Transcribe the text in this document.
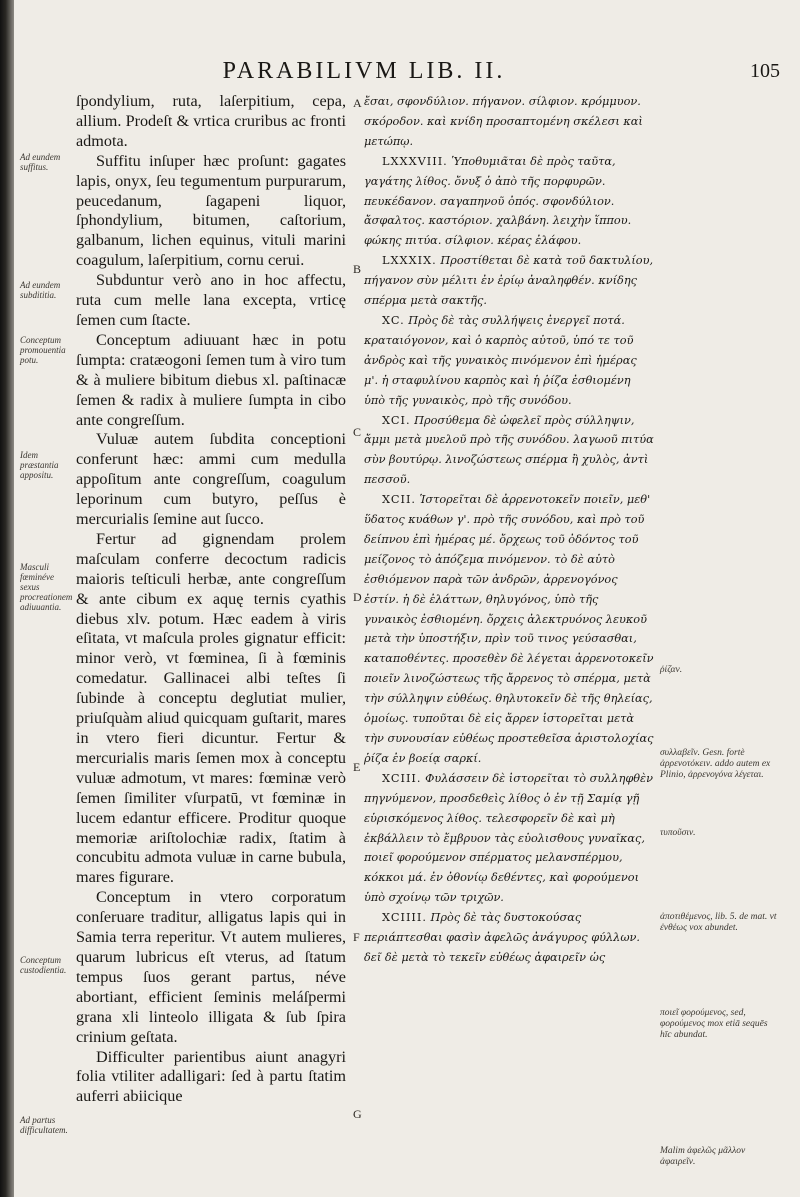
PARABILIVM LIB. II.	105
Ad eundem suffitus.
Ad eundem subdititia.
Conceptum promouentia potu.
Idem præstantia appositu.
Masculi fœminéve sexus procreationem adiuuantia.
Conceptum custodientia.
Ad partus difficultatem.

ſpondylium, ruta, laſerpitium, cepa, allium. Prodeſt & vrtica cruribus ac fronti admota.

Suffitu inſuper hæc proſunt: gagates lapis, onyx, ſeu tegumentum purpurarum, peucedanum, ſagapeni liquor, ſphondylium, bitumen, caſtorium, galbanum, lichen equinus, vituli marini coagulum, laſerpitium, cornu cerui.

Subduntur verò ano in hoc affectu, ruta cum melle lana excepta, vrticę ſemen cum ſtacte.

Conceptum adiuuant hæc in potu ſumpta: cratæogoni ſemen tum à viro tum & à muliere bibitum diebus xl. paſtinacæ ſemen & radix à muliere ſumpta in cibo ante congreſſum.

Vuluæ autem ſubdita conceptioni conferunt hæc: ammi cum medulla appoſitum ante congreſſum, coagulum leporinum cum butyro, peſſus è mercurialis ſemine aut ſucco.

Fertur ad gignendam prolem maſculam conferre decoctum radicis maioris teſticuli herbæ, ante congreſſum & ante cibum ex aquę ternis cyathis diebus xlv. potum. Hæc eadem à viris eſitata, vt maſcula proles gignatur efficit: minor verò, vt fœminea, ſi à fœminis comedatur. Gallinacei albi teſtes ſi ſubinde à conceptu deglutiat mulier, priuſquàm aliud quicquam guſtarit, mares in vtero fieri dicuntur. Fertur & mercurialis maris ſemen mox à conceptu vuluæ admotum, vt mares: fœminæ verò ſemen ſimiliter vſurpatū, vt fœminæ in lucem edantur efficere. Proditur quoque memoriæ ariſtolochiæ radix, ſtatim à concubitu admota vuluæ in carne bubula, mares figurare.

Conceptum in vtero corporatum conſeruare traditur, alligatus lapis qui in Samia terra reperitur. Vt autem mulieres, quarum lubricus eſt vterus, ad ſtatum tempus ſuos gerant partus, néve abortiant, efficient ſeminis meláſpermi grana xli linteolo illigata & ſub ſpira crinium geſtata.

Difficulter parientibus aiunt anagyri folia vtiliter adalligari: ſed à partu ſtatim auferri abiicique

A
B
C
D
E
F
G

ἔσαι, σφονδύλιον. πήγανον. σίλφιον. κρόμμυον. σκόροδον. καὶ κνίδη προσαπτομένη σκέλεσι καὶ μετώπῳ.

LXXXVIII. Ὑποθυμιᾶται δὲ πρὸς ταῦτα, γαγάτης λίθος. ὄνυξ ὁ ἀπὸ τῆς πορφυρῶν. πευκέδανον. σαγαπηνοῦ ὀπός. σφονδύλιον. ἄσφαλτος. καστόριον. χαλβάνη. λειχὴν ἵππου. φώκης πιτύα. σίλφιον. κέρας ἐλάφου.

LXXXIX. Προστίθεται δὲ κατὰ τοῦ δακτυλίου, πήγανον σὺν μέλιτι ἐν ἐρίῳ ἀναληφθέν. κνίδης σπέρμα μετὰ σακτῆς.

XC. Πρὸς δὲ τὰς συλλήψεις ἐνεργεῖ ποτά. κραταιόγονον, καὶ ὁ καρπὸς αὐτοῦ, ὑπό τε τοῦ ἀνδρὸς καὶ τῆς γυναικὸς πινόμενον ἐπὶ ἡμέρας μ'. ἡ σταφυλίνου καρπὸς καὶ ἡ ῥίζα ἐσθιομένη ὑπὸ τῆς γυναικὸς, πρὸ τῆς συνόδου.

XCI. Προσύθεμα δὲ ὠφελεῖ πρὸς σύλληψιν, ἄμμι μετὰ μυελοῦ πρὸ τῆς συνόδου. λαγωοῦ πιτύα σὺν βουτύρῳ. λινοζώστεως σπέρμα ἢ χυλὸς, ἀντὶ πεσσοῦ.

XCII. Ἱστορεῖται δὲ ἀρρενοτοκεῖν ποιεῖν, μεθ' ὕδατος κυάθων γ'. πρὸ τῆς συνόδου, καὶ πρὸ τοῦ δείπνου ἐπὶ ἡμέρας μέ. ὄρχεως τοῦ ὀδόντος τοῦ μείζονος τὸ ἀπόζεμα πινόμενον. τὸ δὲ αὐτὸ ἐσθιόμενον παρὰ τῶν ἀνδρῶν, ἀρρενογόνος ἐστίν. ἡ δὲ ἐλάττων, θηλυγόνος, ὑπὸ τῆς γυναικὸς ἐσθιομένη. ὄρχεις ἀλεκτρυόνος λευκοῦ μετὰ τὴν ὑποστήξιν, πρὶν τοῦ τινος γεύσασθαι, καταποθέντες. προσεθὲν δὲ λέγεται ἀρρενοτοκεῖν ποιεῖν λινοζώστεως τῆς ἄρρενος τὸ σπέρμα, μετὰ τὴν σύλληψιν εὐθέως. θηλυτοκεῖν δὲ τῆς θηλείας, ὁμοίως. τυποῦται δὲ εἰς ἄρρεν ἱστορεῖται μετὰ τὴν συνουσίαν εὐθέως προστεθεῖσα ἀριστολοχίας ῥίζα ἐν βοείᾳ σαρκί.

XCIII. Φυλάσσειν δὲ ἱστορεῖται τὸ συλληφθὲν πηγνύμενον, προσδεθεὶς λίθος ὁ ἐν τῇ Σαμίᾳ γῇ εὑρισκόμενος λίθος. τελεσφορεῖν δὲ καὶ μὴ ἐκβάλλειν τὸ ἔμβρυον τὰς εὐολισθους γυναῖκας, ποιεῖ φορούμενον σπέρματος μελανσπέρμου, κόκκοι μά. ἐν ὀθονίῳ δεθέντες, καὶ φορούμενοι ὑπὸ σχοίνῳ τῶν τριχῶν.

XCIIII. Πρὸς δὲ τὰς δυστοκούσας περιάπτεσθαι φασὶν ἀφελῶς ἀνάγυρος φύλλων. δεῖ δὲ μετὰ τὸ τεκεῖν εὐθέως ἀφαιρεῖν ὡς

ῥίζαν.
συλλαβεῖν. Gesn. fortè ἀρρενοτόκειν. addo autem ex Plinio, ἀρρενογόνα λέγεται.
τυποῦσιν.
ἀποτιθέμενος, lib. 5. de mat. vt ἐνθέως vox abundet.
ποιεῖ φορούμενος, sed, φορούμενος mox etiā sequēs hīc abundat.
Malim ἀφελῶς μᾶλλον ἀφαιρεῖν.
